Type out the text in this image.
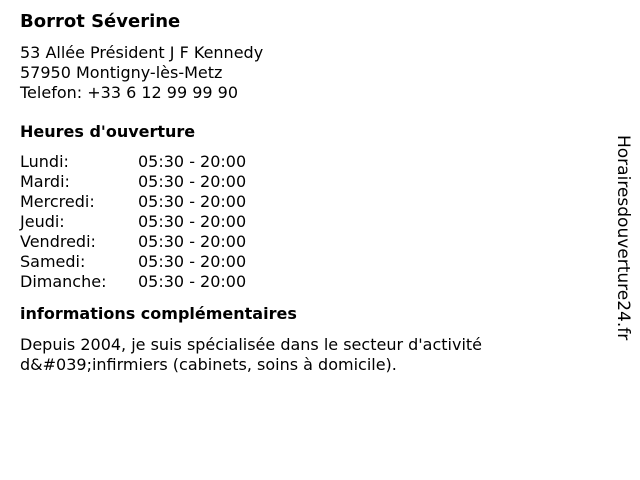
Borrot Séverine
53 Allée Président J F Kennedy
57950 Montigny-lès-Metz
Telefon: +33 6 12 99 99 90
Heures d'ouverture
Lundi:	05:30 - 20:00
Mardi:	05:30 - 20:00
Mercredi:	05:30 - 20:00
Jeudi:	05:30 - 20:00
Vendredi:	05:30 - 20:00
Samedi:	05:30 - 20:00
Dimanche:	05:30 - 20:00
informations complémentaires
Depuis 2004, je suis spécialisée dans le secteur d'activité d&#039;infirmiers (cabinets, soins à domicile).
Horairesdouverture24.fr
